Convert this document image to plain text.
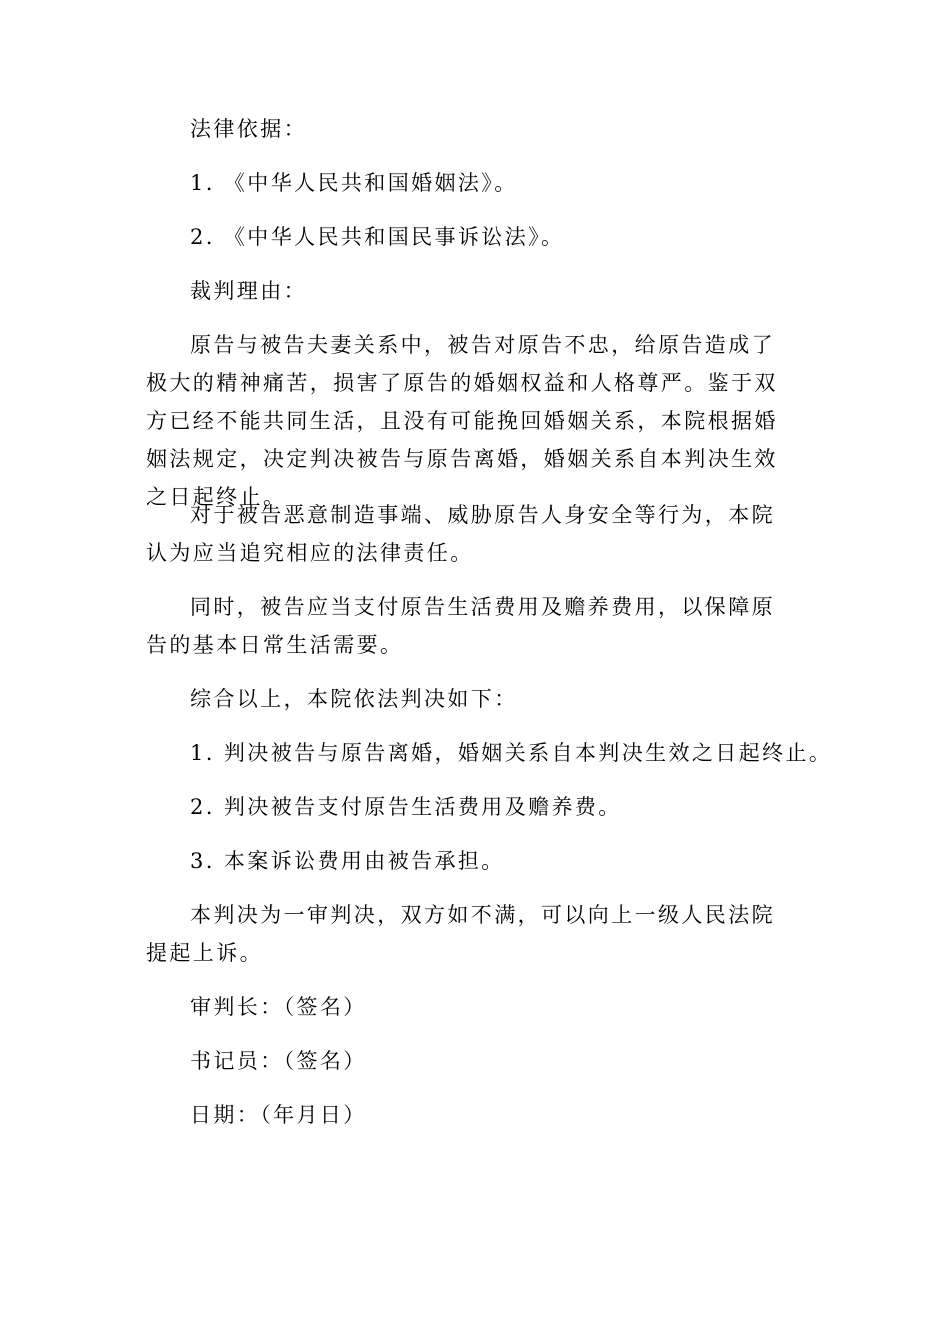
法律依据：

1. 《中华人民共和国婚姻法》。

2. 《中华人民共和国民事诉讼法》。

裁判理由：

原告与被告夫妻关系中，被告对原告不忠，给原告造成了极大的精神痛苦，损害了原告的婚姻权益和人格尊严。鉴于双方已经不能共同生活，且没有可能挽回婚姻关系，本院根据婚姻法规定，决定判决被告与原告离婚，婚姻关系自本判决生效之日起终止。

对于被告恶意制造事端、威胁原告人身安全等行为，本院认为应当追究相应的法律责任。

同时，被告应当支付原告生活费用及赡养费用，以保障原告的基本日常生活需要。

综合以上，本院依法判决如下：

1. 判决被告与原告离婚，婚姻关系自本判决生效之日起终止。

2. 判决被告支付原告生活费用及赡养费。

3. 本案诉讼费用由被告承担。

本判决为一审判决，双方如不满，可以向上一级人民法院提起上诉。

审判长：（签名）

书记员：（签名）

日期：（年月日）
